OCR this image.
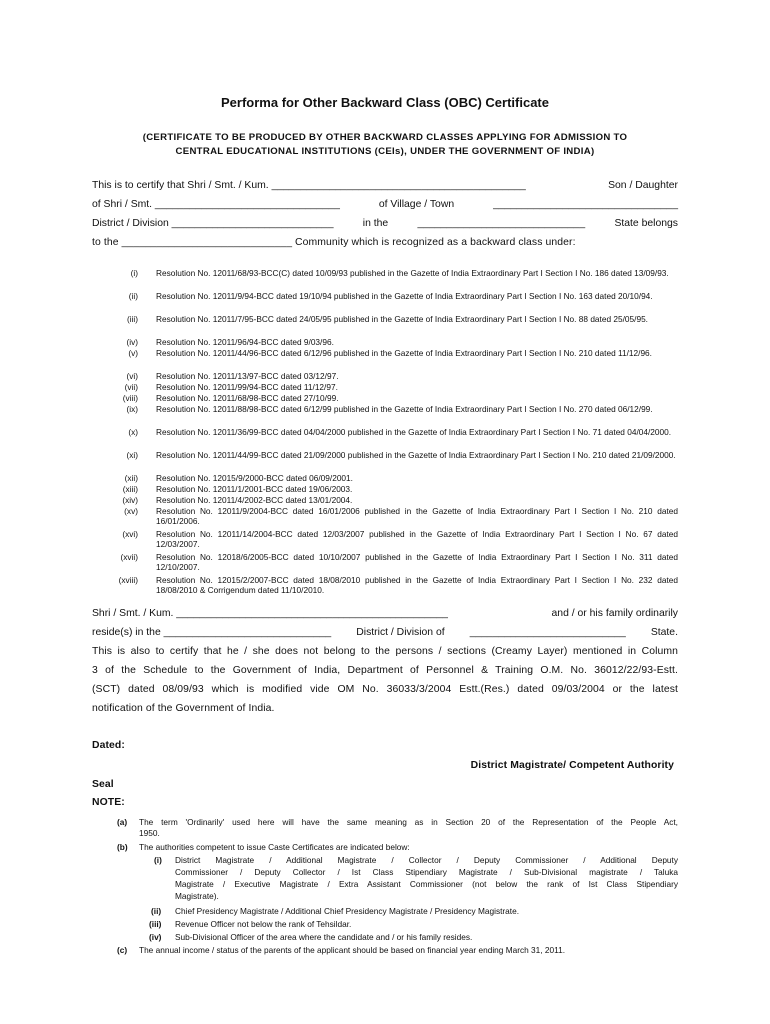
Performa for Other Backward Class (OBC) Certificate
(CERTIFICATE TO BE PRODUCED BY OTHER BACKWARD CLASSES APPLYING FOR ADMISSION TO
CENTRAL EDUCATIONAL INSTITUTIONS (CEIs), UNDER THE GOVERNMENT OF INDIA)
This is to certify that Shri / Smt. / Kum. ____________________________________________	Son / Daughter
of Shri / Smt. ________________________________	of Village / Town	________________________________
District / Division ____________________________	in the	_____________________________	State belongs
to the _____________________________ Community which is recognized as a backward class under:
(i) Resolution No. 12011/68/93-BCC(C) dated 10/09/93 published in the Gazette of India Extraordinary Part I Section I No. 186 dated 13/09/93.
(ii) Resolution No. 12011/9/94-BCC dated 19/10/94 published in the Gazette of India Extraordinary Part I Section I No. 163 dated 20/10/94.
(iii) Resolution No. 12011/7/95-BCC dated 24/05/95 published in the Gazette of India Extraordinary Part I Section I No. 88 dated 25/05/95.
(iv) Resolution No. 12011/96/94-BCC dated 9/03/96.
(v) Resolution No. 12011/44/96-BCC dated 6/12/96 published in the Gazette of India Extraordinary Part I Section I No. 210 dated 11/12/96.
(vi) Resolution No. 12011/13/97-BCC dated 03/12/97.
(vii) Resolution No. 12011/99/94-BCC dated 11/12/97.
(viii) Resolution No. 12011/68/98-BCC dated 27/10/99.
(ix) Resolution No. 12011/88/98-BCC dated 6/12/99 published in the Gazette of India Extraordinary Part I Section I No. 270 dated 06/12/99.
(x) Resolution No. 12011/36/99-BCC dated 04/04/2000 published in the Gazette of India Extraordinary Part I Section I No. 71 dated 04/04/2000.
(xi) Resolution No. 12011/44/99-BCC dated 21/09/2000 published in the Gazette of India Extraordinary Part I Section I No. 210 dated 21/09/2000.
(xii) Resolution No. 12015/9/2000-BCC dated 06/09/2001.
(xiii) Resolution No. 12011/1/2001-BCC dated 19/06/2003.
(xiv) Resolution No. 12011/4/2002-BCC dated 13/01/2004.
(xv) Resolution No. 12011/9/2004-BCC dated 16/01/2006 published in the Gazette of India Extraordinary Part I Section I No. 210 dated 16/01/2006.
(xvi) Resolution No. 12011/14/2004-BCC dated 12/03/2007 published in the Gazette of India Extraordinary Part I Section I No. 67 dated 12/03/2007.
(xvii) Resolution No. 12018/6/2005-BCC dated 10/10/2007 published in the Gazette of India Extraordinary Part I Section I No. 311 dated 12/10/2007.
(xviii) Resolution No. 12015/2/2007-BCC dated 18/08/2010 published in the Gazette of India Extraordinary Part I Section I No. 232 dated 18/08/2010 & Corrigendum dated 11/10/2010.
Shri / Smt. / Kum. _______________________________________________	and / or his family ordinarily
reside(s) in the _____________________________ District / Division of ___________________________ State.
This is also to certify that he / she does not belong to the persons / sections (Creamy Layer) mentioned in Column
3 of the Schedule to the Government of India, Department of Personnel & Training O.M. No. 36012/22/93-Estt.
(SCT) dated 08/09/93 which is modified vide OM No. 36033/3/2004 Estt.(Res.) dated 09/03/2004 or the latest
notification of the Government of India.
Dated:
District Magistrate/ Competent Authority
Seal
NOTE:
(a) The term 'Ordinarily' used here will have the same meaning as in Section 20 of the Representation of the People Act,
1950.
(b) The authorities competent to issue Caste Certificates are indicated below:
(i) District Magistrate / Additional Magistrate / Collector / Deputy Commissioner / Additional Deputy
Commissioner / Deputy Collector / Ist Class Stipendiary Magistrate / Sub-Divisional magistrate / Taluka
Magistrate / Executive Magistrate / Extra Assistant Commissioner (not below the rank of Ist Class Stipendiary
Magistrate).
(ii) Chief Presidency Magistrate / Additional Chief Presidency Magistrate / Presidency Magistrate.
(iii) Revenue Officer not below the rank of Tehsildar.
(iv) Sub-Divisional Officer of the area where the candidate and / or his family resides.
(c) The annual income / status of the parents of the applicant should be based on financial year ending March 31, 2011.
